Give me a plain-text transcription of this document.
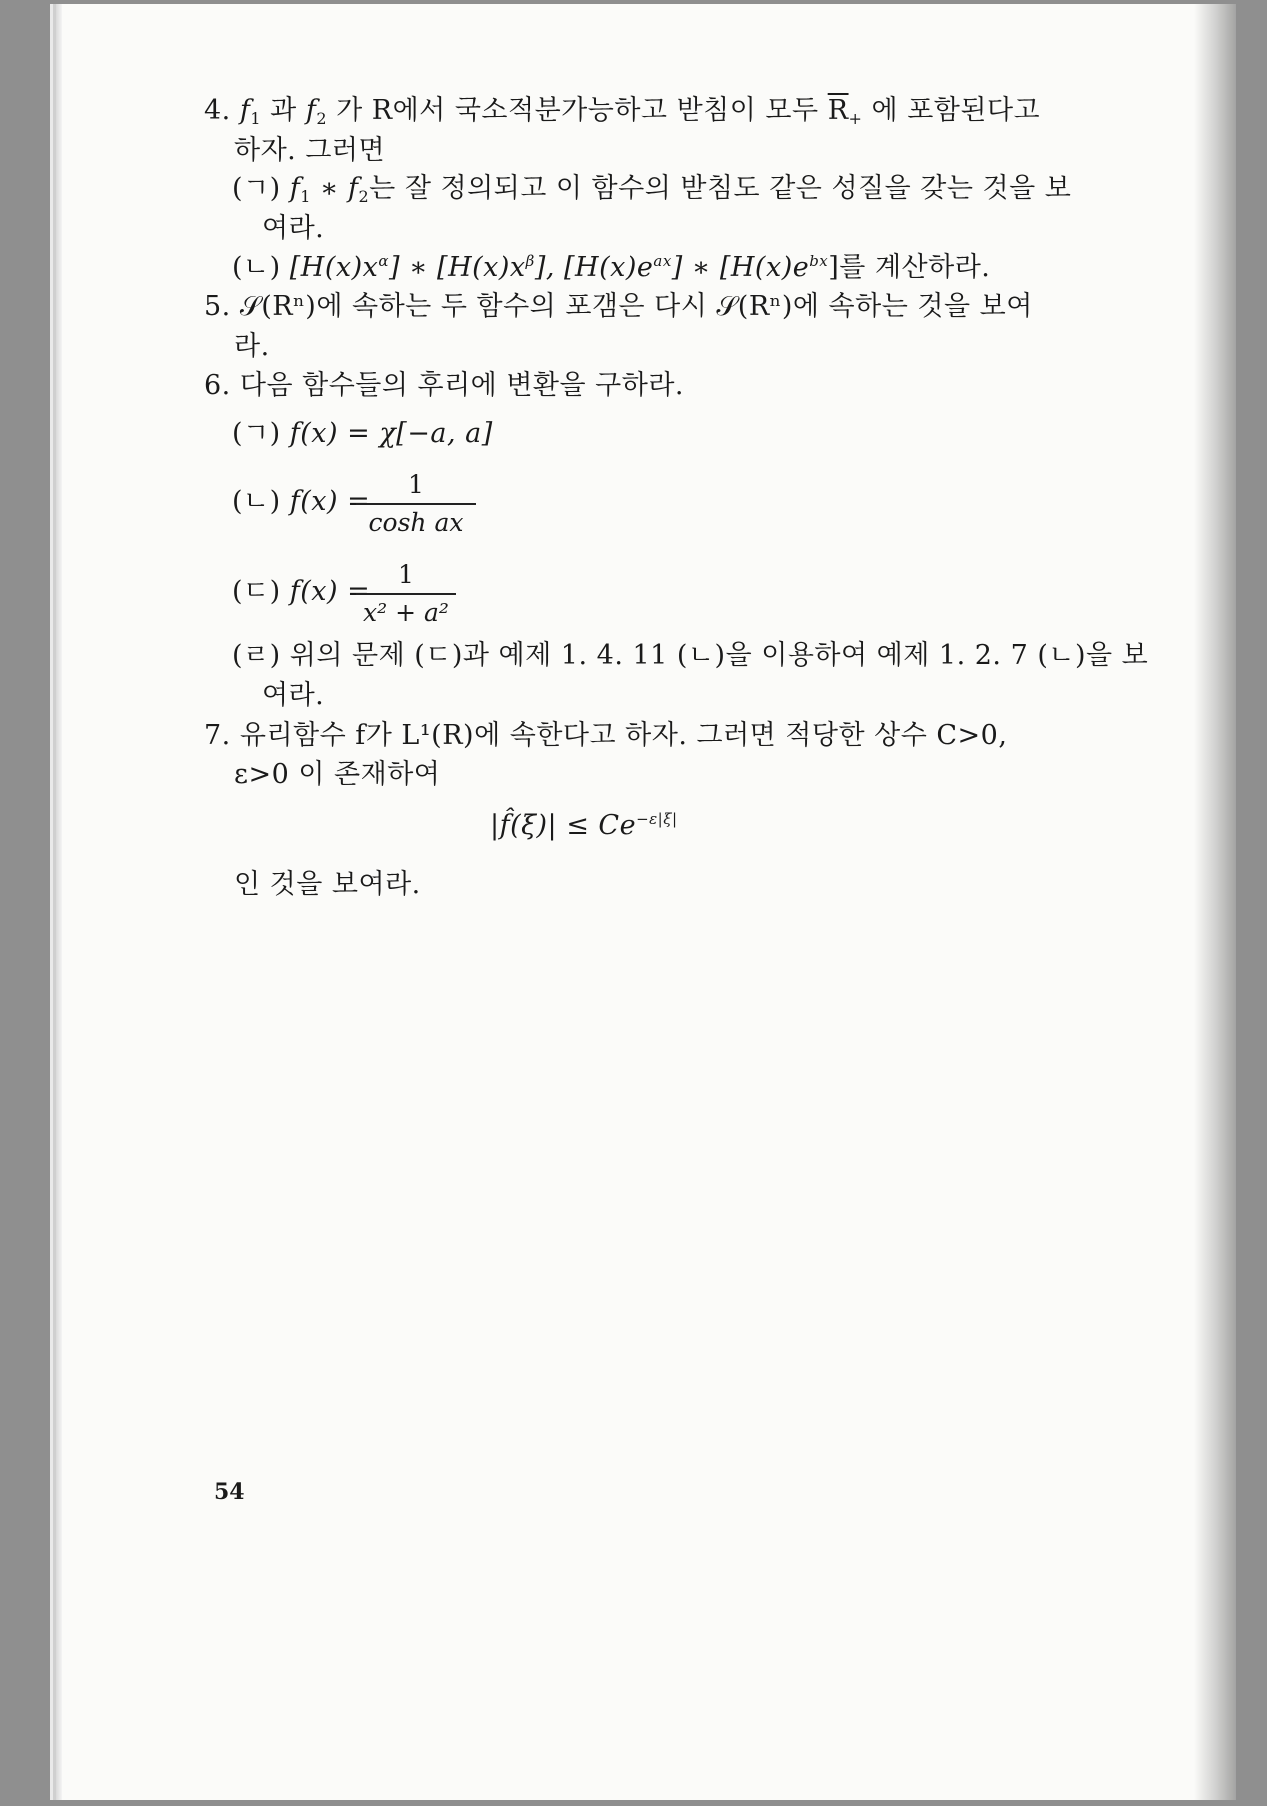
4. $f_1$ 과 $f_2$ 가 R에서 국소적분가능하고 받침이 모두 $\overline{R}_+$ 에 포함된다고
하자. 그러면
(ㄱ) $f_1$ ∗ $f_2$는 잘 정의되고 이 함수의 받침도 같은 성질을 갖는 것을 보
여라.
(ㄴ) $[H(x)x^\alpha]$ ∗ $[H(x)x^\beta]$, $[H(x)e^{ax}]$ ∗ $[H(x)e^{bx}]$를 계산하라.
5. 𝒮(Rⁿ)에 속하는 두 함수의 포갬은 다시 𝒮(Rⁿ)에 속하는 것을 보여
라.
6. 다음 함수들의 후리에 변환을 구하라.
(ㄱ) f(x) = χ[−a, a]
(ㄴ) f(x) =
1
cosh ax
(ㄷ) f(x) =
1
x² + a²
(ㄹ) 위의 문제 (ㄷ)과 예제 1. 4. 11 (ㄴ)을 이용하여 예제 1. 2. 7 (ㄴ)을 보
여라.
7. 유리함수 f가 L¹(R)에 속한다고 하자. 그러면 적당한 상수 C>0,
ε>0 이 존재하여
|f̂(ξ)| ≤ $Ce^{-\varepsilon|\xi|}$
인 것을 보여라.
54
